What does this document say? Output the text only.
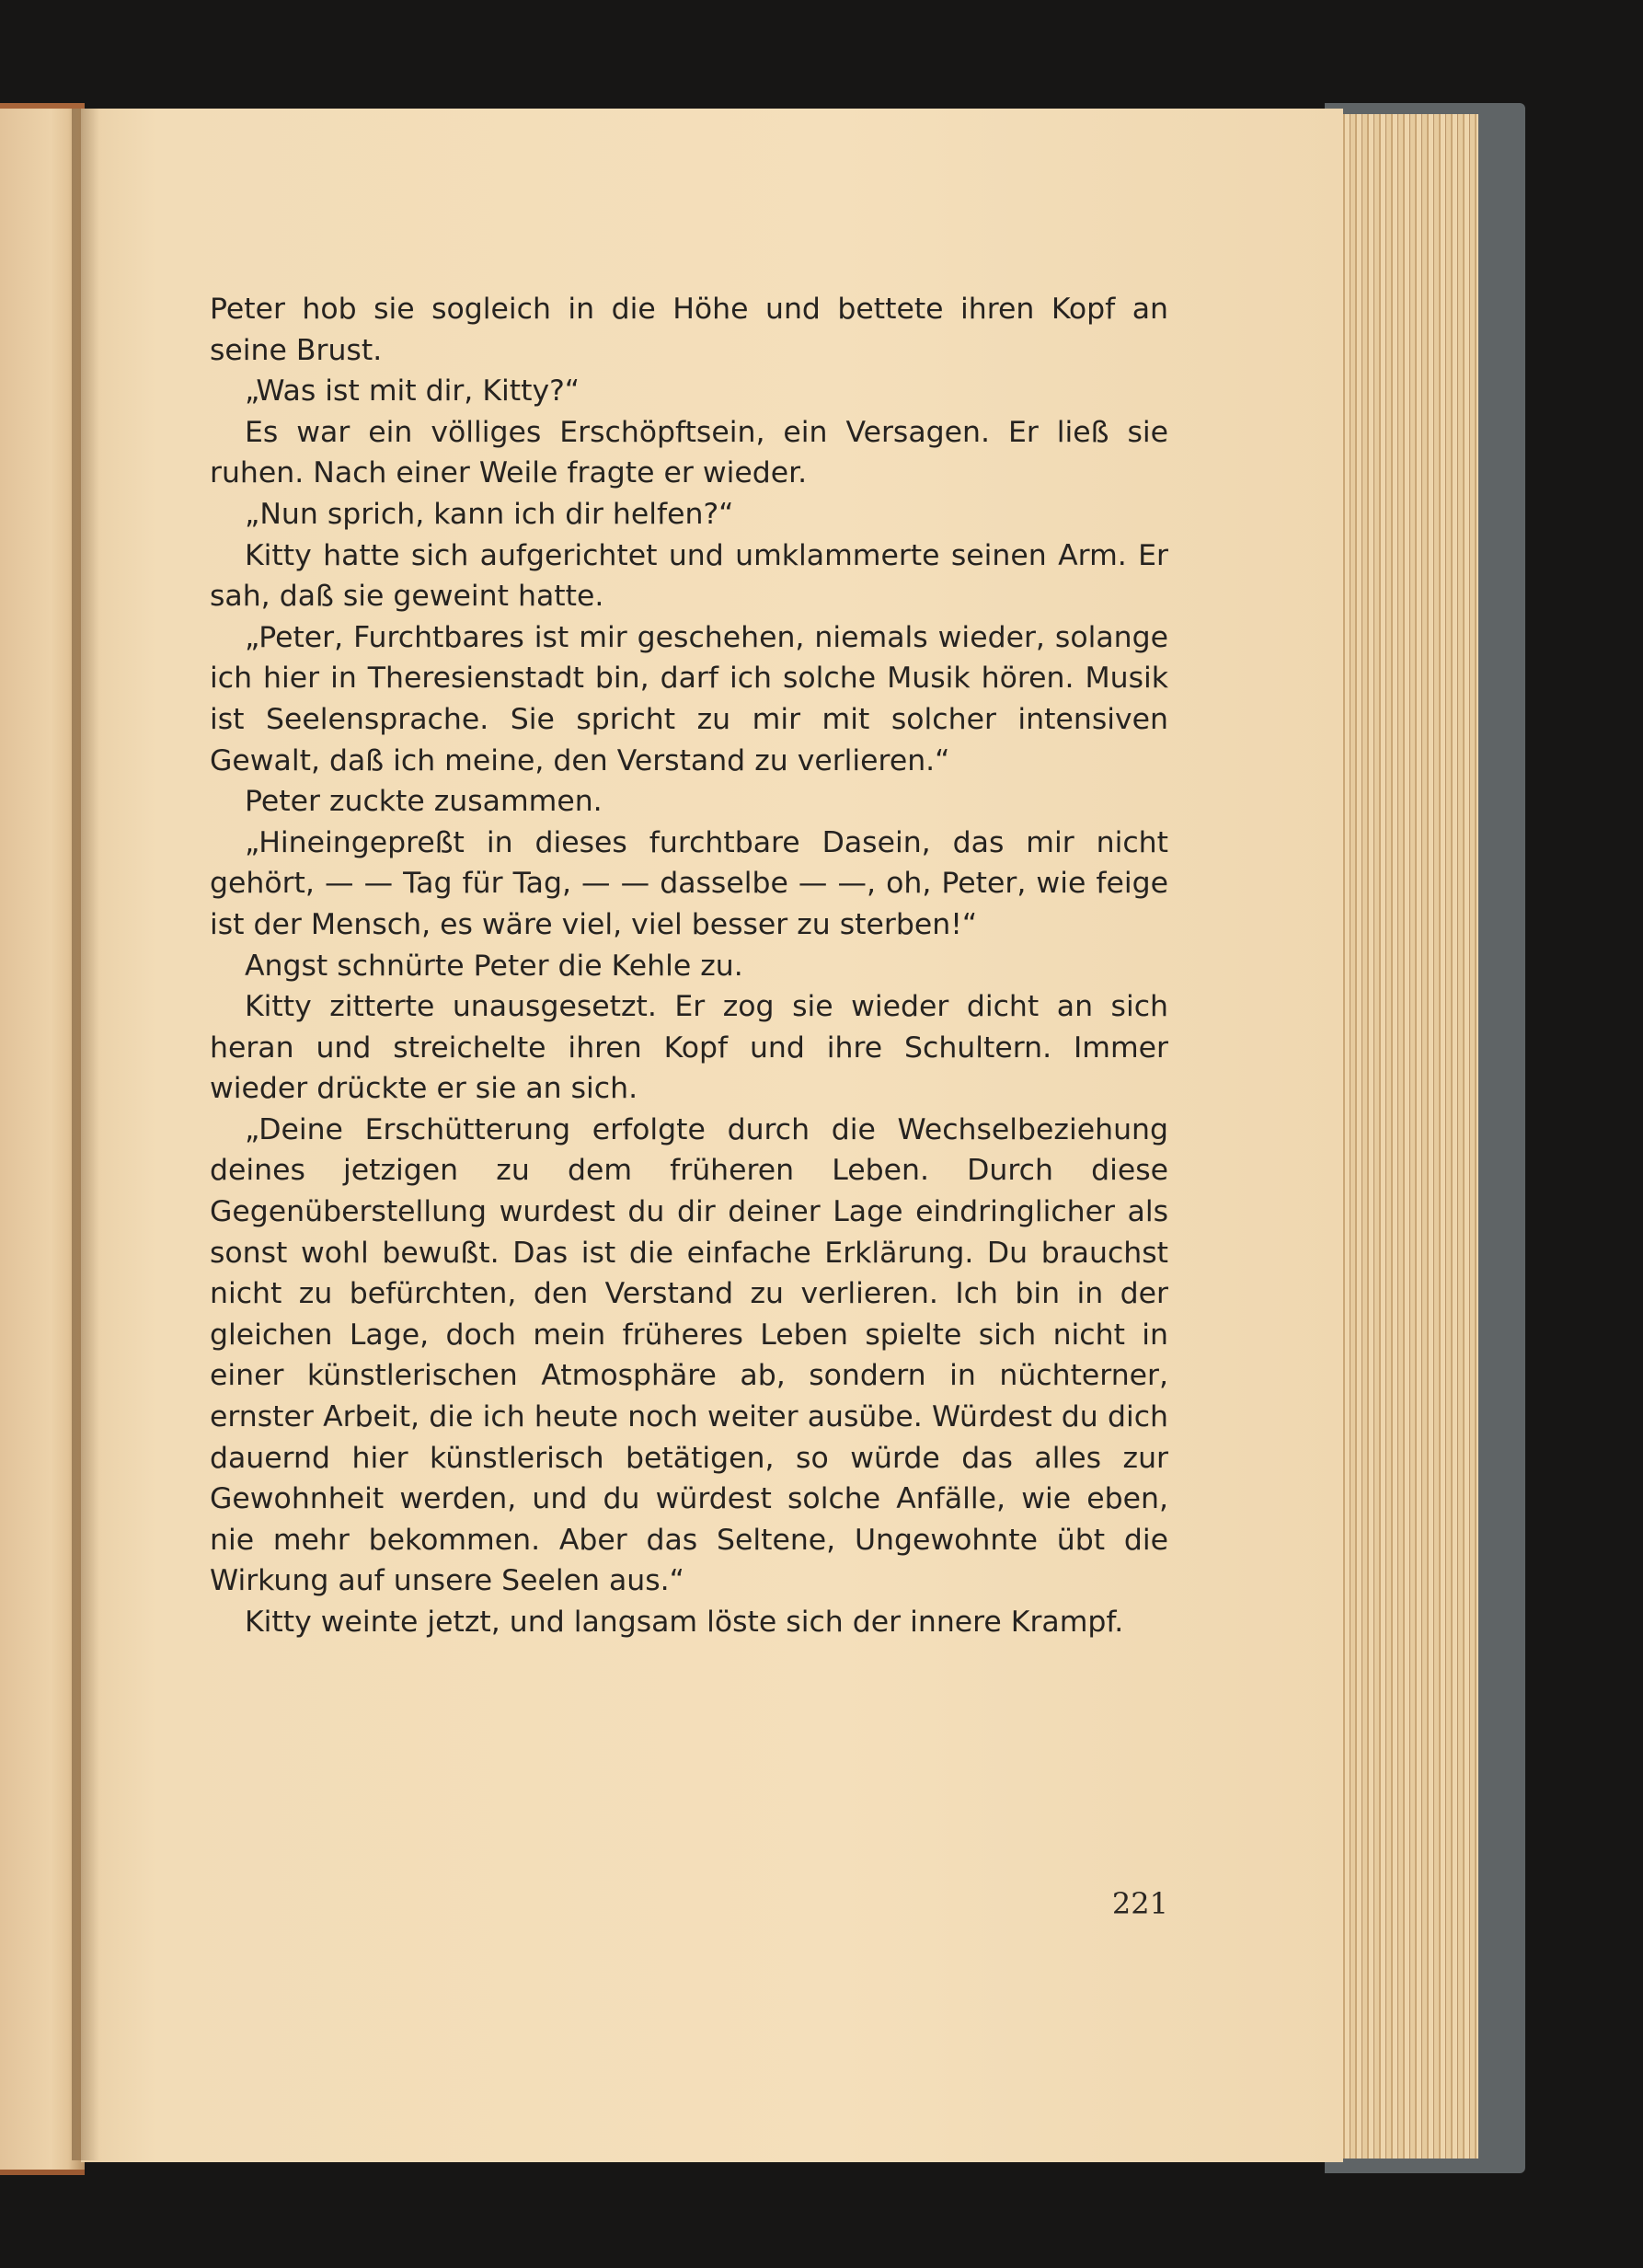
Peter hob sie sogleich in die Höhe und bettete ihren Kopf an seine Brust.

„Was ist mit dir, Kitty?“

Es war ein völliges Erschöpftsein, ein Versagen. Er ließ sie ruhen. Nach einer Weile fragte er wieder.

„Nun sprich, kann ich dir helfen?“

Kitty hatte sich aufgerichtet und umklammerte seinen Arm. Er sah, daß sie geweint hatte.

„Peter, Furchtbares ist mir geschehen, niemals wieder, solange ich hier in Theresienstadt bin, darf ich solche Musik hören. Musik ist Seelensprache. Sie spricht zu mir mit solcher intensiven Gewalt, daß ich meine, den Verstand zu verlieren.“

Peter zuckte zusammen.

„Hineingepreßt in dieses furchtbare Dasein, das mir nicht gehört, — — Tag für Tag, — — dasselbe — —, oh, Peter, wie feige ist der Mensch, es wäre viel, viel besser zu sterben!“

Angst schnürte Peter die Kehle zu.

Kitty zitterte unausgesetzt. Er zog sie wieder dicht an sich heran und streichelte ihren Kopf und ihre Schultern. Immer wieder drückte er sie an sich.

„Deine Erschütterung erfolgte durch die Wechselbeziehung deines jetzigen zu dem früheren Leben. Durch diese Gegenüberstellung wurdest du dir deiner Lage eindringlicher als sonst wohl bewußt. Das ist die einfache Erklärung. Du brauchst nicht zu befürchten, den Verstand zu verlieren. Ich bin in der gleichen Lage, doch mein früheres Leben spielte sich nicht in einer künstlerischen Atmosphäre ab, sondern in nüchterner, ernster Arbeit, die ich heute noch weiter ausübe. Würdest du dich dauernd hier künstlerisch betätigen, so würde das alles zur Gewohnheit werden, und du würdest solche Anfälle, wie eben, nie mehr bekommen. Aber das Seltene, Ungewohnte übt die Wirkung auf unsere Seelen aus.“

Kitty weinte jetzt, und langsam löste sich der innere Krampf.

221
